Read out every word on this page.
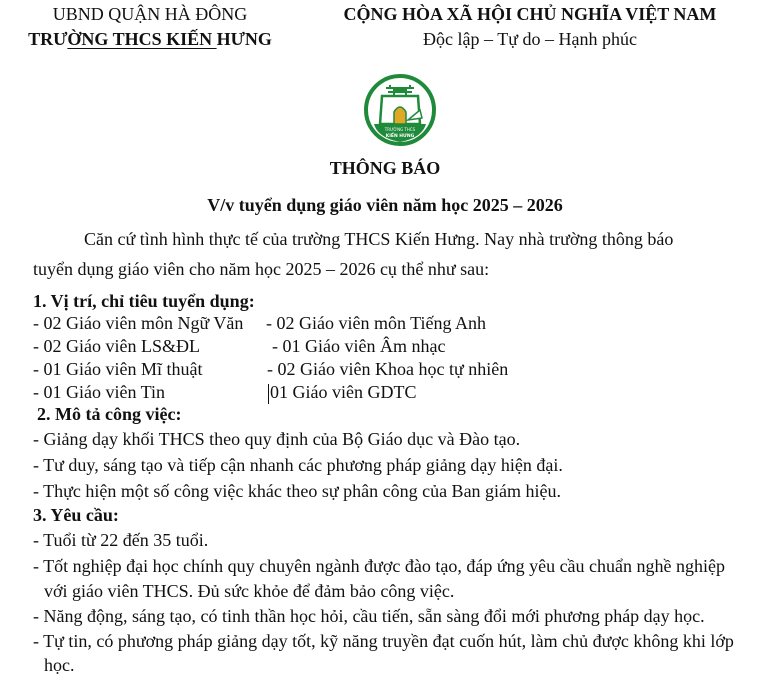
UBND QUẬN HÀ ĐÔNG
TRƯỜNG THCS KIẾN HƯNG
CỘNG HÒA XÃ HỘI CHỦ NGHĨA VIỆT NAM
Độc lập – Tự do – Hạnh phúc
TRƯỜNG THCS
KIẾN HƯNG
THÔNG BÁO
V/v tuyển dụng giáo viên năm học 2025 – 2026
Căn cứ tình hình thực tế của trường THCS Kiến Hưng. Nay nhà trường thông báo
tuyển dụng giáo viên cho năm học 2025 – 2026 cụ thể như sau:
1. Vị trí, chỉ tiêu tuyển dụng:
- 02 Giáo viên môn Ngữ Văn - 02 Giáo viên môn Tiếng Anh
- 02 Giáo viên LS&ĐL	- 01 Giáo viên Âm nhạc
- 01 Giáo viên Mĩ thuật	- 02 Giáo viên Khoa học tự nhiên
- 01 Giáo viên Tin	01 Giáo viên GDTC
2. Mô tả công việc:
- Giảng dạy khối THCS theo quy định của Bộ Giáo dục và Đào tạo.
- Tư duy, sáng tạo và tiếp cận nhanh các phương pháp giảng dạy hiện đại.
- Thực hiện một số công việc khác theo sự phân công của Ban giám hiệu.
3. Yêu cầu:
- Tuổi từ 22 đến 35 tuổi.
- Tốt nghiệp đại học chính quy chuyên ngành được đào tạo, đáp ứng yêu cầu chuẩn nghề nghiệp
với giáo viên THCS. Đủ sức khỏe để đảm bảo công việc.
- Năng động, sáng tạo, có tinh thần học hỏi, cầu tiến, sẵn sàng đổi mới phương pháp dạy học.
- Tự tin, có phương pháp giảng dạy tốt, kỹ năng truyền đạt cuốn hút, làm chủ được không khi lớp
học.
